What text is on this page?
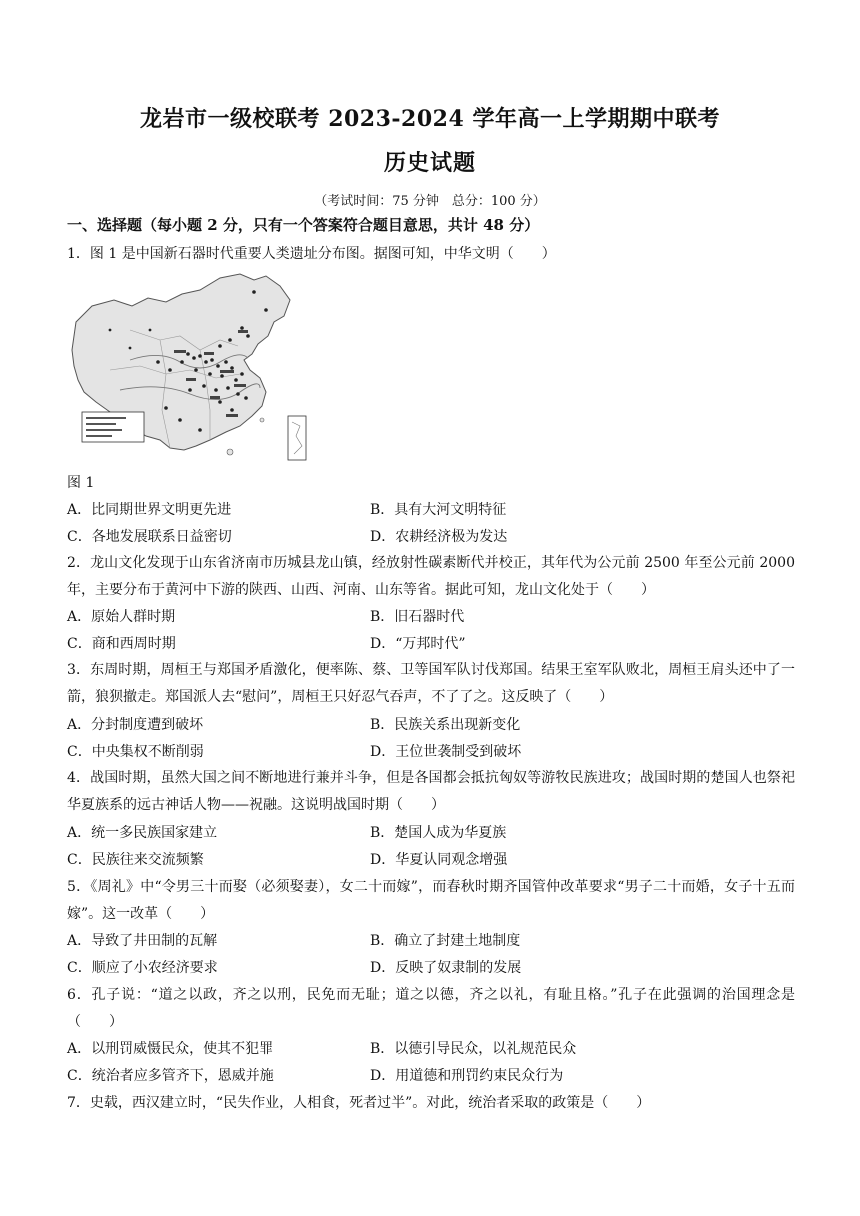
龙岩市一级校联考 2023-2024 学年高一上学期期中联考
历史试题
（考试时间：75 分钟　总分：100 分）
一、选择题（每小题 2 分，只有一个答案符合题目意思，共计 48 分）
1．图 1 是中国新石器时代重要人类遗址分布图。据图可知，中华文明（　　）
图 1
A．比同期世界文明更先进	B．具有大河文明特征
C．各地发展联系日益密切	D．农耕经济极为发达
2．龙山文化发现于山东省济南市历城县龙山镇，经放射性碳素断代并校正，其年代为公元前 2500 年至公元前 2000 年，主要分布于黄河中下游的陕西、山西、河南、山东等省。据此可知，龙山文化处于（　　）
A．原始人群时期	B．旧石器时代
C．商和西周时期	D．“万邦时代”
3．东周时期，周桓王与郑国矛盾激化，便率陈、蔡、卫等国军队讨伐郑国。结果王室军队败北，周桓王肩头还中了一箭，狼狈撤走。郑国派人去“慰问”，周桓王只好忍气吞声，不了了之。这反映了（　　）
A．分封制度遭到破坏	B．民族关系出现新变化
C．中央集权不断削弱	D．王位世袭制受到破坏
4．战国时期，虽然大国之间不断地进行兼并斗争，但是各国都会抵抗匈奴等游牧民族进攻；战国时期的楚国人也祭祀华夏族系的远古神话人物——祝融。这说明战国时期（　　）
A．统一多民族国家建立	B．楚国人成为华夏族
C．民族往来交流频繁	D．华夏认同观念增强
5．《周礼》中“令男三十而娶（必须娶妻），女二十而嫁”，而春秋时期齐国管仲改革要求“男子二十而婚，女子十五而嫁”。这一改革（　　）
A．导致了井田制的瓦解	B．确立了封建土地制度
C．顺应了小农经济要求	D．反映了奴隶制的发展
6．孔子说：“道之以政，齐之以刑，民免而无耻；道之以德，齐之以礼，有耻且格。”孔子在此强调的治国理念是（　　）
A．以刑罚威慑民众，使其不犯罪	B．以德引导民众，以礼规范民众
C．统治者应多管齐下，恩威并施	D．用道德和刑罚约束民众行为
7．史载，西汉建立时，“民失作业，人相食，死者过半”。对此，统治者采取的政策是（　　）
